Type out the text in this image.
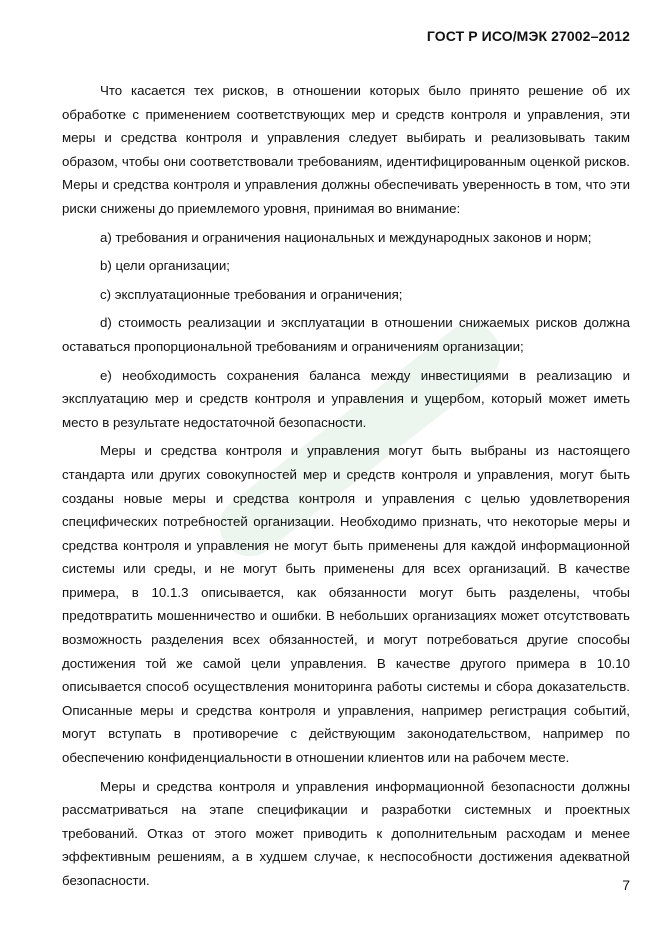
ГОСТ Р ИСО/МЭК 27002–2012

Что касается тех рисков, в отношении которых было принято решение об их обработке с применением соответствующих мер и средств контроля и управления, эти меры и средства контроля и управления следует выбирать и реализовывать таким образом, чтобы они соответствовали требованиям, идентифицированным оценкой рисков. Меры и средства контроля и управления должны обеспечивать уверенность в том, что эти риски снижены до приемлемого уровня, принимая во внимание:

a) требования и ограничения национальных и международных законов и норм;

b) цели организации;

c) эксплуатационные требования и ограничения;

d) стоимость реализации и эксплуатации в отношении снижаемых рисков должна оставаться пропорциональной требованиям и ограничениям организации;

e) необходимость сохранения баланса между инвестициями в реализацию и эксплуатацию мер и средств контроля и управления и ущербом, который может иметь место в результате недостаточной безопасности.

Меры и средства контроля и управления могут быть выбраны из настоящего стандарта или других совокупностей мер и средств контроля и управления, могут быть созданы новые меры и средства контроля и управления с целью удовлетворения специфических потребностей организации. Необходимо признать, что некоторые меры и средства контроля и управления не могут быть применены для каждой информационной системы или среды, и не могут быть применены для всех организаций. В качестве примера, в 10.1.3 описывается, как обязанности могут быть разделены, чтобы предотвратить мошенничество и ошибки. В небольших организациях может отсутствовать возможность разделения всех обязанностей, и могут потребоваться другие способы достижения той же самой цели управления. В качестве другого примера в 10.10 описывается способ осуществления мониторинга работы системы и сбора доказательств. Описанные меры и средства контроля и управления, например регистрация событий, могут вступать в противоречие с действующим законодательством, например по обеспечению конфиденциальности в отношении клиентов или на рабочем месте.

Меры и средства контроля и управления информационной безопасности должны рассматриваться на этапе спецификации и разработки системных и проектных требований. Отказ от этого может приводить к дополнительным расходам и менее эффективным решениям, а в худшем случае, к неспособности достижения адекватной безопасности.	7
